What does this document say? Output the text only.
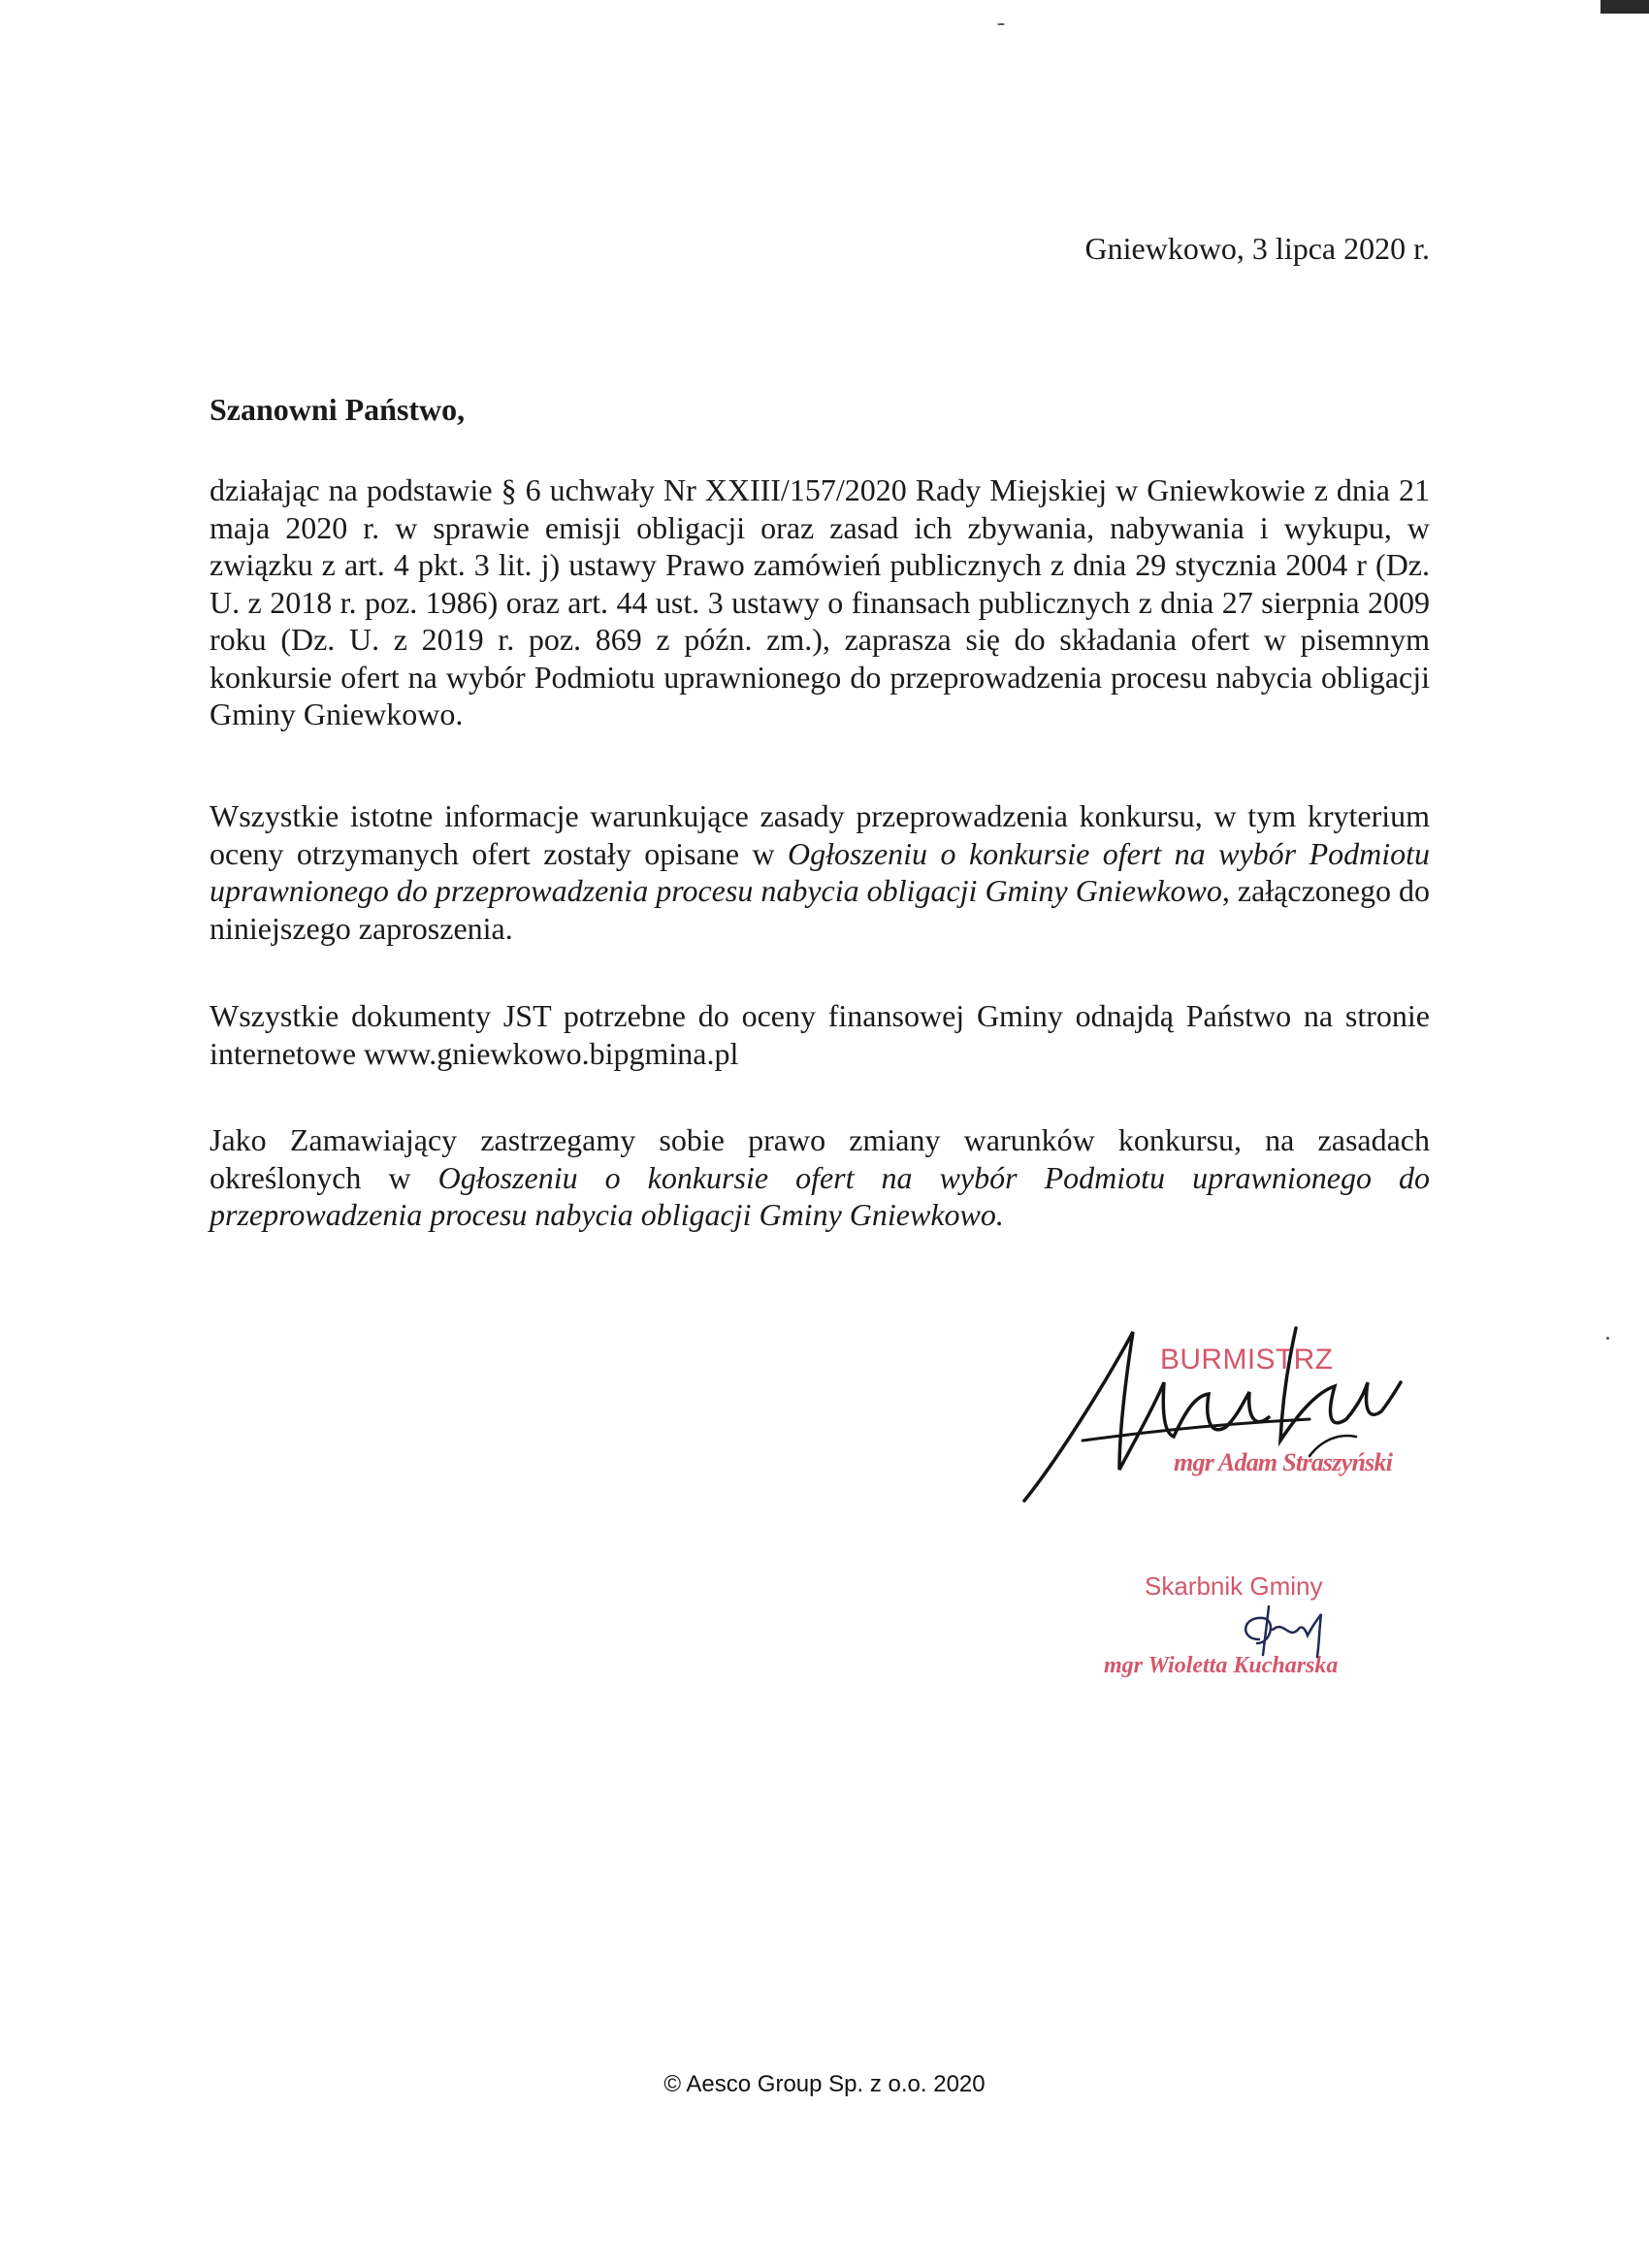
Gniewkowo, 3 lipca 2020 r.
Szanowni Państwo,

działając na podstawie § 6 uchwały Nr XXIII/157/2020 Rady Miejskiej w Gniewkowie z dnia 21 maja 2020 r. w sprawie emisji obligacji oraz zasad ich zbywania, nabywania i wykupu, w związku z art. 4 pkt. 3 lit. j) ustawy Prawo zamówień publicznych z dnia 29 stycznia 2004 r (Dz. U. z 2018 r. poz. 1986) oraz art. 44 ust. 3 ustawy o finansach publicznych z dnia 27 sierpnia 2009 roku (Dz. U. z 2019 r. poz. 869 z późn. zm.), zaprasza się do składania ofert w pisemnym konkursie ofert na wybór Podmiotu uprawnionego do przeprowadzenia procesu nabycia obligacji Gminy Gniewkowo.

Wszystkie istotne informacje warunkujące zasady przeprowadzenia konkursu, w tym kryterium oceny otrzymanych ofert zostały opisane w Ogłoszeniu o konkursie ofert na wybór Podmiotu uprawnionego do przeprowadzenia procesu nabycia obligacji Gminy Gniewkowo, załączonego do niniejszego zaproszenia.

Wszystkie dokumenty JST potrzebne do oceny finansowej Gminy odnajdą Państwo na stronie internetowe www.gniewkowo.bipgmina.pl

Jako Zamawiający zastrzegamy sobie prawo zmiany warunków konkursu, na zasadach określonych w Ogłoszeniu o konkursie ofert na wybór Podmiotu uprawnionego do przeprowadzenia procesu nabycia obligacji Gminy Gniewkowo.

BURMISTRZ
mgr Adam Straszyński
Skarbnik Gminy
mgr Wioletta Kucharska
© Aesco Group Sp. z o.o. 2020
